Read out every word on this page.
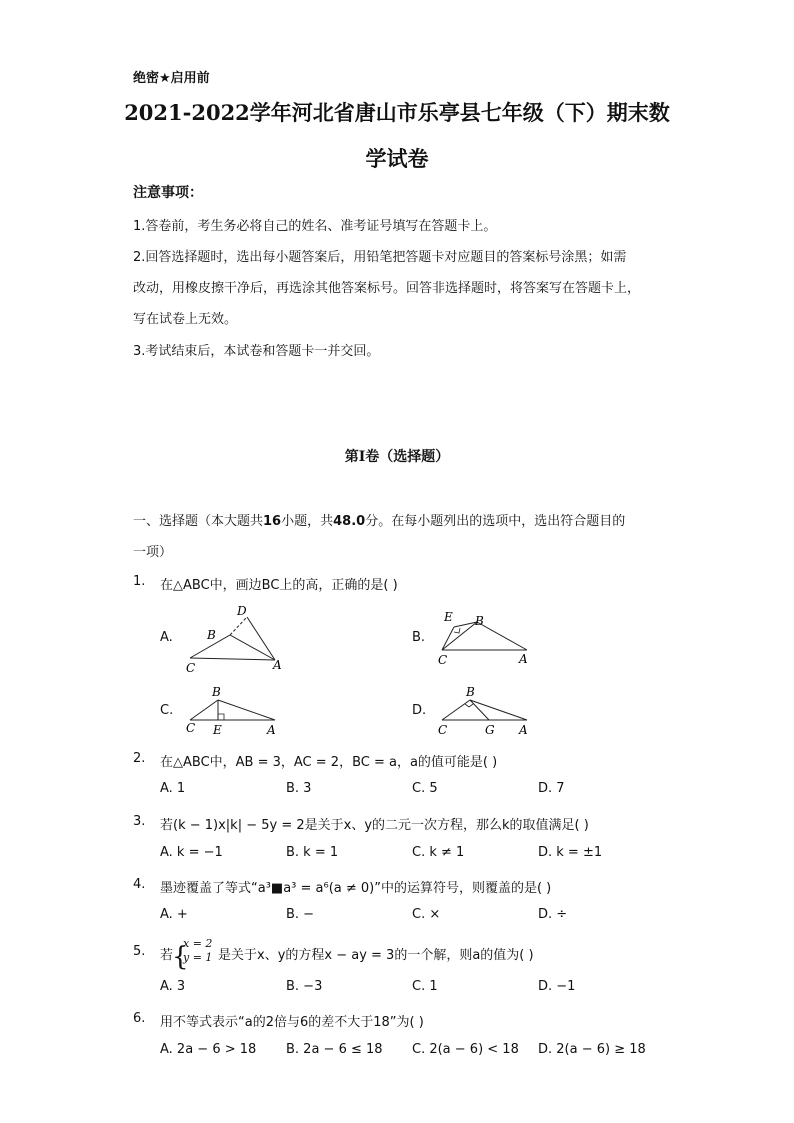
绝密★启用前
2021-2022学年河北省唐山市乐亭县七年级（下）期末数
学试卷
注意事项：
1.答卷前，考生务必将自己的姓名、准考证号填写在答题卡上。
2.回答选择题时，选出每小题答案后，用铅笔把答题卡对应题目的答案标号涂黑；如需
改动，用橡皮擦干净后，再选涂其他答案标号。回答非选择题时，将答案写在答题卡上，
写在试卷上无效。
3.考试结束后，本试卷和答题卡一并交回。
第I卷（选择题）
一、选择题（本大题共16小题，共48.0分。在每小题列出的选项中，选出符合题目的
一项）
1. 在△ABC中，画边BC上的高，正确的是( )
A.
D
B
C	A
B.
E B
C	A
C.
B
C E	A
D.
B
C	G A
2. 在△ABC中，AB = 3，AC = 2，BC = a，a的值可能是( )
A. 1	B. 3	C. 5	D. 7
3. 若(k − 1)x|k| − 5y = 2是关于x、y的二元一次方程，那么k的取值满足( )
A. k = −1	B. k = 1	C. k ≠ 1	D. k = ±1
4. 墨迹覆盖了等式“a³■a³ = a⁶(a ≠ 0)”中的运算符号，则覆盖的是( )
A. +	B. −	C. ×	D. ÷
5. 若
{
x = 2
y = 1 是关于x、y的方程x − ay = 3的一个解，则a的值为( )
A. 3	B. −3	C. 1	D. −1
6. 用不等式表示“a的2倍与6的差不大于18”为( )
A. 2a − 6 > 18 B. 2a − 6 ≤ 18 C. 2(a − 6) < 18 D. 2(a − 6) ≥ 18
